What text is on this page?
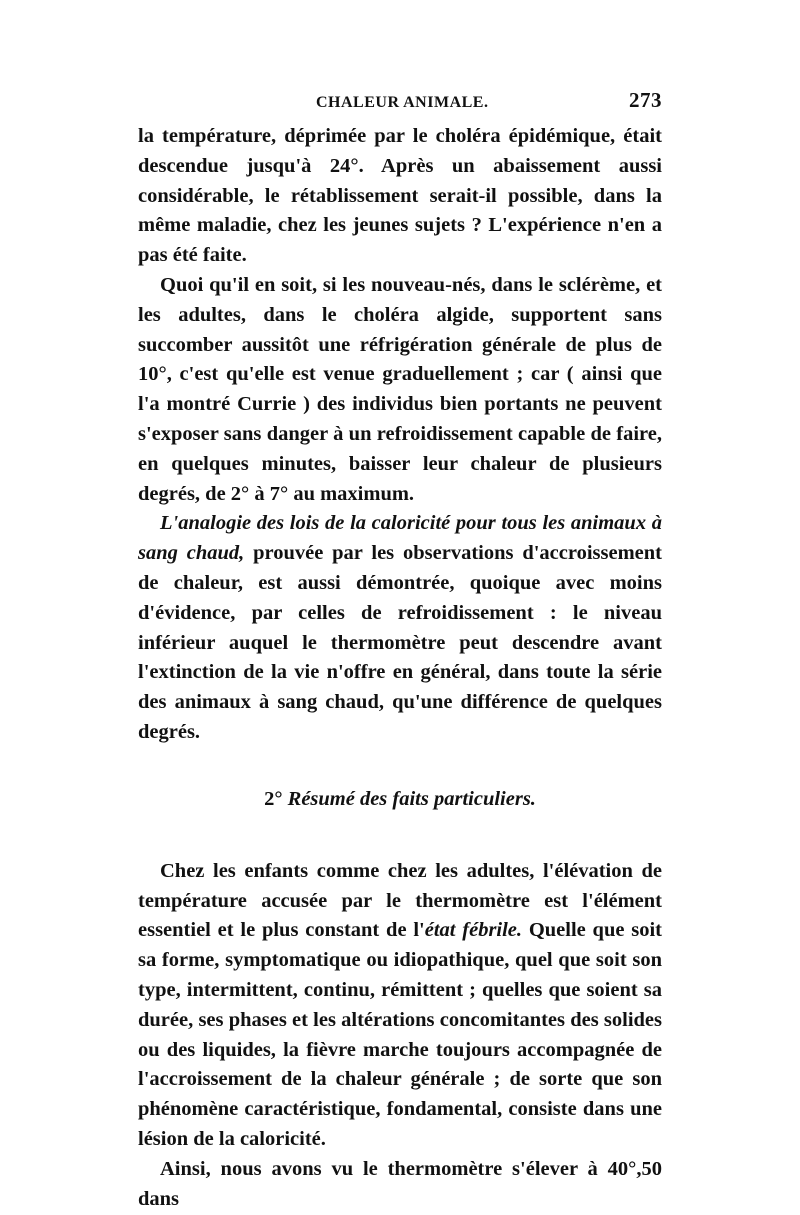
CHALEUR ANIMALE.	273

la température, déprimée par le choléra épidémique, était descendue jusqu'à 24°. Après un abaissement aussi considérable, le rétablissement serait-il possible, dans la même maladie, chez les jeunes sujets ? L'expérience n'en a pas été faite.

Quoi qu'il en soit, si les nouveau-nés, dans le sclérème, et les adultes, dans le choléra algide, supportent sans succomber aussitôt une réfrigération générale de plus de 10°, c'est qu'elle est venue graduellement ; car ( ainsi que l'a montré Currie ) des individus bien portants ne peuvent s'exposer sans danger à un refroidissement capable de faire, en quelques minutes, baisser leur chaleur de plusieurs degrés, de 2° à 7° au maximum.

L'analogie des lois de la caloricité pour tous les animaux à sang chaud, prouvée par les observations d'accroissement de chaleur, est aussi démontrée, quoique avec moins d'évidence, par celles de refroidissement : le niveau inférieur auquel le thermomètre peut descendre avant l'extinction de la vie n'offre en général, dans toute la série des animaux à sang chaud, qu'une différence de quelques degrés.

2° Résumé des faits particuliers.

Chez les enfants comme chez les adultes, l'élévation de température accusée par le thermomètre est l'élément essentiel et le plus constant de l'état fébrile. Quelle que soit sa forme, symptomatique ou idiopathique, quel que soit son type, intermittent, continu, rémittent ; quelles que soient sa durée, ses phases et les altérations concomitantes des solides ou des liquides, la fièvre marche toujours accompagnée de l'accroissement de la chaleur générale ; de sorte que son phénomène caractéristique, fondamental, consiste dans une lésion de la caloricité.

Ainsi, nous avons vu le thermomètre s'élever à 40°,50 dans
